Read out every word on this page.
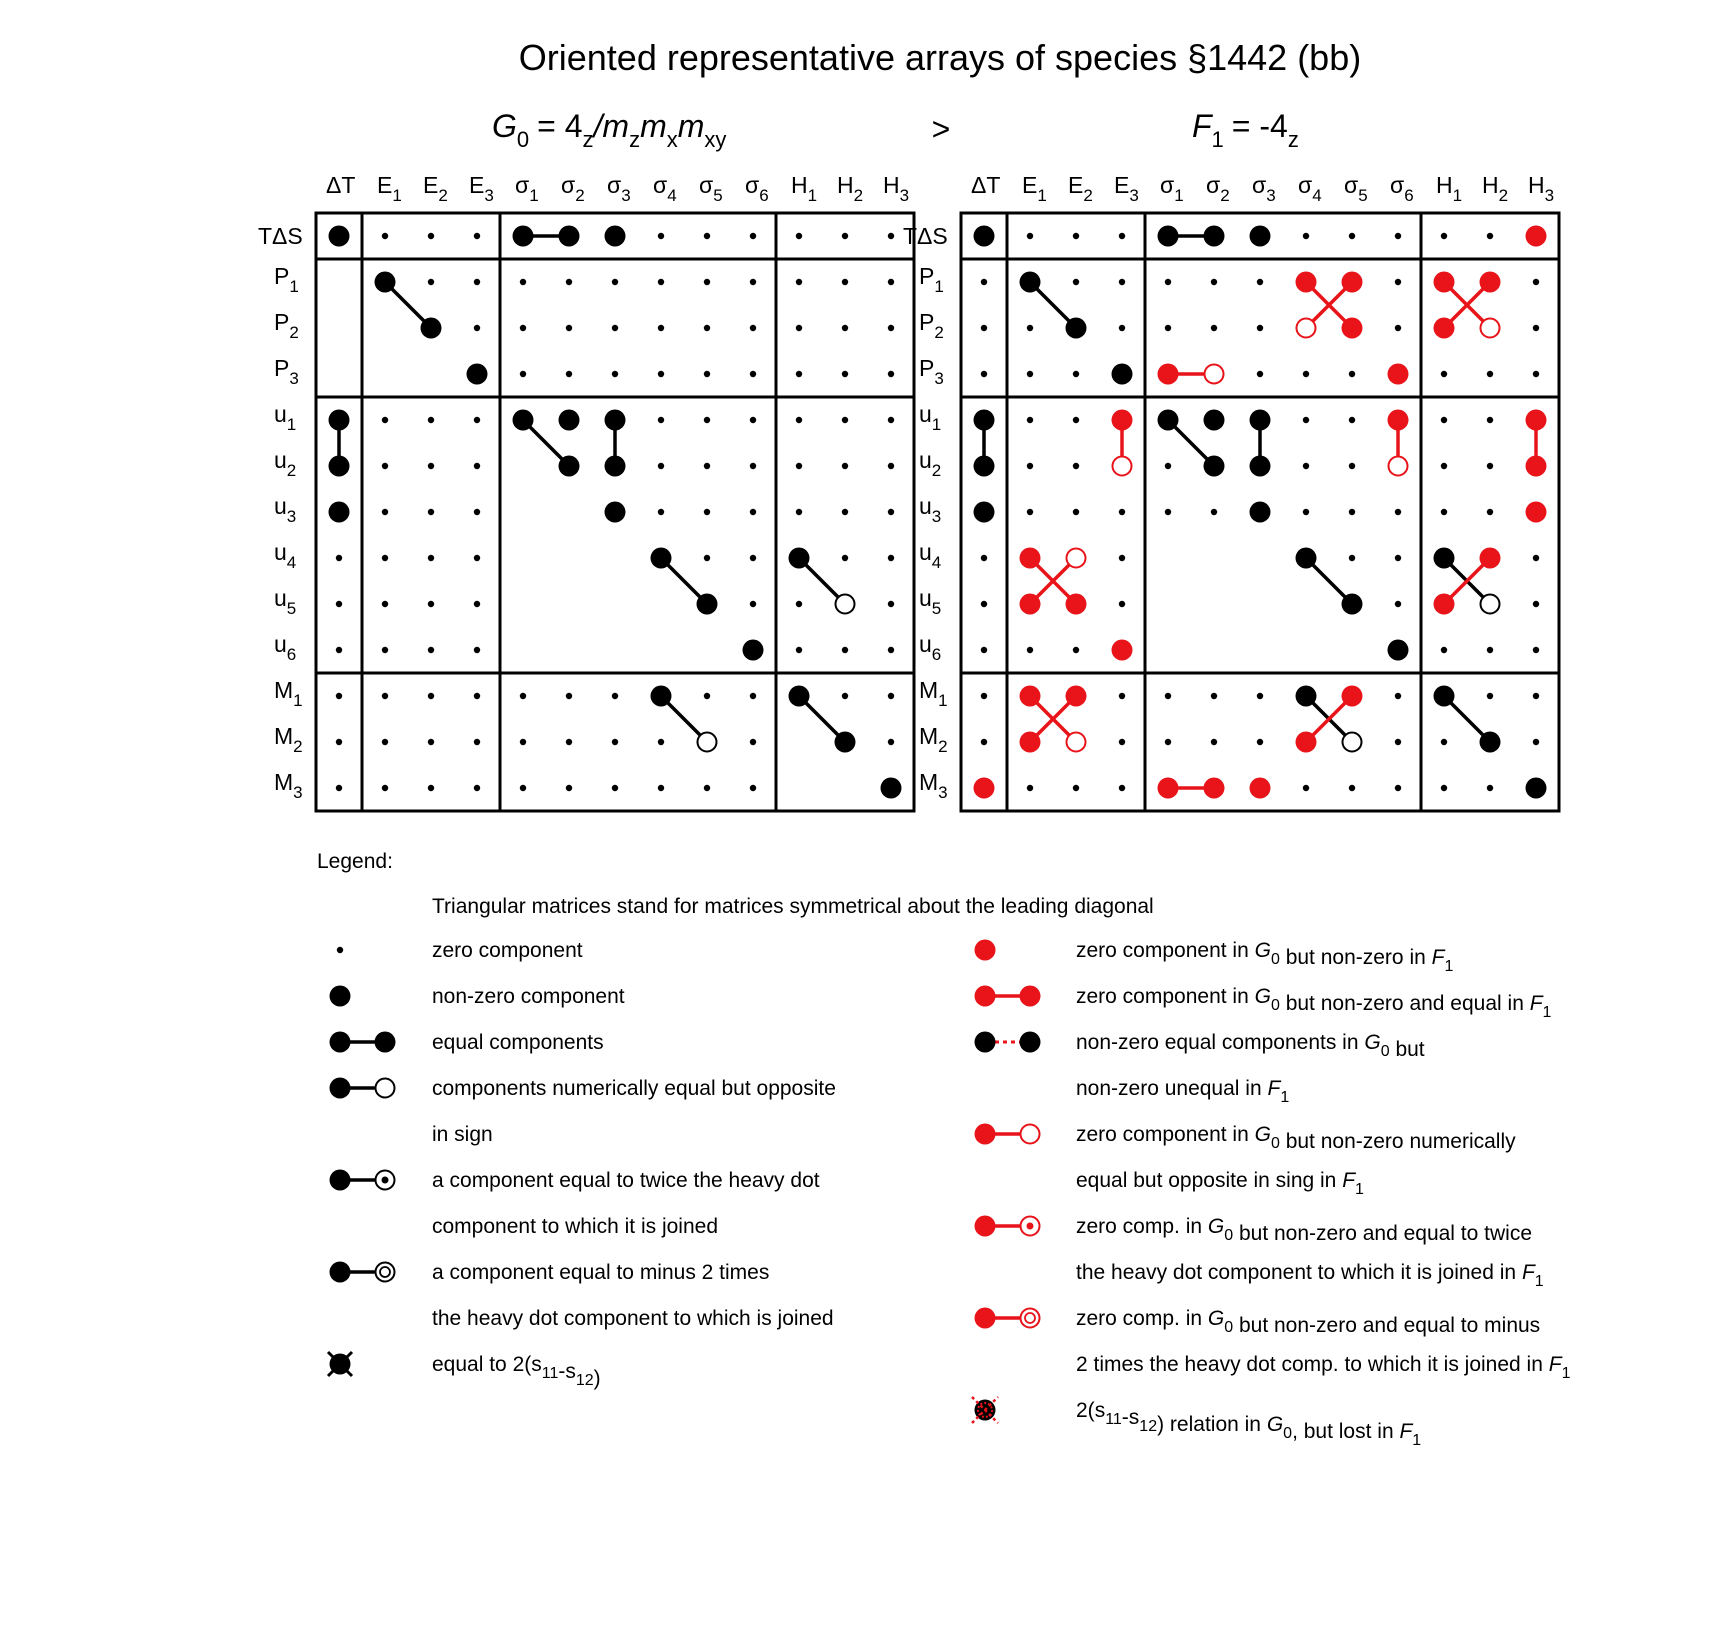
Oriented representative arrays of species §1442 (bb)
$G_0 = 4_z/m_zm_xm_{xy}$	>	$F_1 = -4_z$
ΔT $E_1$ $E_2$ $E_3$ $\sigma_1$ $\sigma_2$ $\sigma_3$ $\sigma_4$ $\sigma_5$ $\sigma_6$ $H_1$ $H_2$ $H_3$
TΔS
$P_1$
$P_2$
$P_3$
$u_1$
$u_2$
$u_3$
$u_4$
$u_5$
$u_6$
$M_1$
$M_2$
$M_3$
ΔT $E_1$ $E_2$ $E_3$ $\sigma_1$ $\sigma_2$ $\sigma_3$ $\sigma_4$ $\sigma_5$ $\sigma_6$ $H_1$ $H_2$ $H_3$
TΔS
$P_1$
$P_2$
$P_3$
$u_1$
$u_2$
$u_3$
$u_4$
$u_5$
$u_6$
$M_1$
$M_2$
$M_3$
Legend:
Triangular matrices stand for matrices symmetrical about the leading diagonal
zero component
non-zero component
equal components
components numerically equal but opposite
in sign
a component equal to twice the heavy dot
component to which it is joined
a component equal to minus 2 times
the heavy dot component to which is joined
equal to $2(s_{11}-s_{12})$
zero component in $G_0$ but non-zero in $F_1$
zero component in $G_0$ but non-zero and equal in $F_1$
non-zero equal components in $G_0$ but
non-zero unequal in $F_1$
zero component in $G_0$ but non-zero numerically
equal but opposite in sing in $F_1$
zero comp. in $G_0$ but non-zero and equal to twice
the heavy dot component to which it is joined in $F_1$
zero comp. in $G_0$ but non-zero and equal to minus
2 times the heavy dot comp. to which it is joined in $F_1$
$2(s_{11}-s_{12})$ relation in $G_0$, but lost in $F_1$
